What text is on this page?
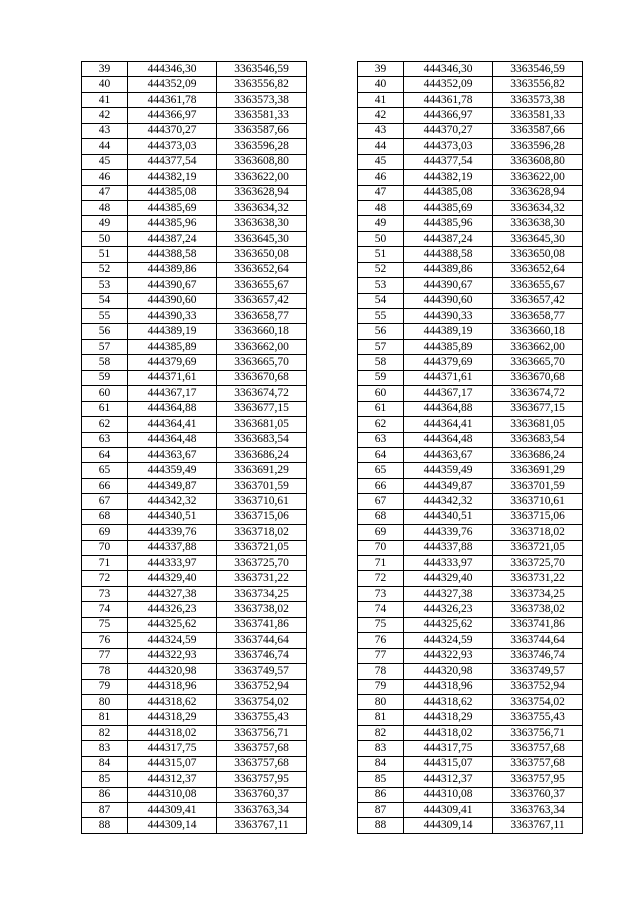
39	444346,30	3363546,59
40	444352,09	3363556,82
41	444361,78	3363573,38
42	444366,97	3363581,33
43	444370,27	3363587,66
44	444373,03	3363596,28
45	444377,54	3363608,80
46	444382,19	3363622,00
47	444385,08	3363628,94
48	444385,69	3363634,32
49	444385,96	3363638,30
50	444387,24	3363645,30
51	444388,58	3363650,08
52	444389,86	3363652,64
53	444390,67	3363655,67
54	444390,60	3363657,42
55	444390,33	3363658,77
56	444389,19	3363660,18
57	444385,89	3363662,00
58	444379,69	3363665,70
59	444371,61	3363670,68
60	444367,17	3363674,72
61	444364,88	3363677,15
62	444364,41	3363681,05
63	444364,48	3363683,54
64	444363,67	3363686,24
65	444359,49	3363691,29
66	444349,87	3363701,59
67	444342,32	3363710,61
68	444340,51	3363715,06
69	444339,76	3363718,02
70	444337,88	3363721,05
71	444333,97	3363725,70
72	444329,40	3363731,22
73	444327,38	3363734,25
74	444326,23	3363738,02
75	444325,62	3363741,86
76	444324,59	3363744,64
77	444322,93	3363746,74
78	444320,98	3363749,57
79	444318,96	3363752,94
80	444318,62	3363754,02
81	444318,29	3363755,43
82	444318,02	3363756,71
83	444317,75	3363757,68
84	444315,07	3363757,68
85	444312,37	3363757,95
86	444310,08	3363760,37
87	444309,41	3363763,34
88	444309,14	3363767,11
39	444346,30	3363546,59
40	444352,09	3363556,82
41	444361,78	3363573,38
42	444366,97	3363581,33
43	444370,27	3363587,66
44	444373,03	3363596,28
45	444377,54	3363608,80
46	444382,19	3363622,00
47	444385,08	3363628,94
48	444385,69	3363634,32
49	444385,96	3363638,30
50	444387,24	3363645,30
51	444388,58	3363650,08
52	444389,86	3363652,64
53	444390,67	3363655,67
54	444390,60	3363657,42
55	444390,33	3363658,77
56	444389,19	3363660,18
57	444385,89	3363662,00
58	444379,69	3363665,70
59	444371,61	3363670,68
60	444367,17	3363674,72
61	444364,88	3363677,15
62	444364,41	3363681,05
63	444364,48	3363683,54
64	444363,67	3363686,24
65	444359,49	3363691,29
66	444349,87	3363701,59
67	444342,32	3363710,61
68	444340,51	3363715,06
69	444339,76	3363718,02
70	444337,88	3363721,05
71	444333,97	3363725,70
72	444329,40	3363731,22
73	444327,38	3363734,25
74	444326,23	3363738,02
75	444325,62	3363741,86
76	444324,59	3363744,64
77	444322,93	3363746,74
78	444320,98	3363749,57
79	444318,96	3363752,94
80	444318,62	3363754,02
81	444318,29	3363755,43
82	444318,02	3363756,71
83	444317,75	3363757,68
84	444315,07	3363757,68
85	444312,37	3363757,95
86	444310,08	3363760,37
87	444309,41	3363763,34
88	444309,14	3363767,11
